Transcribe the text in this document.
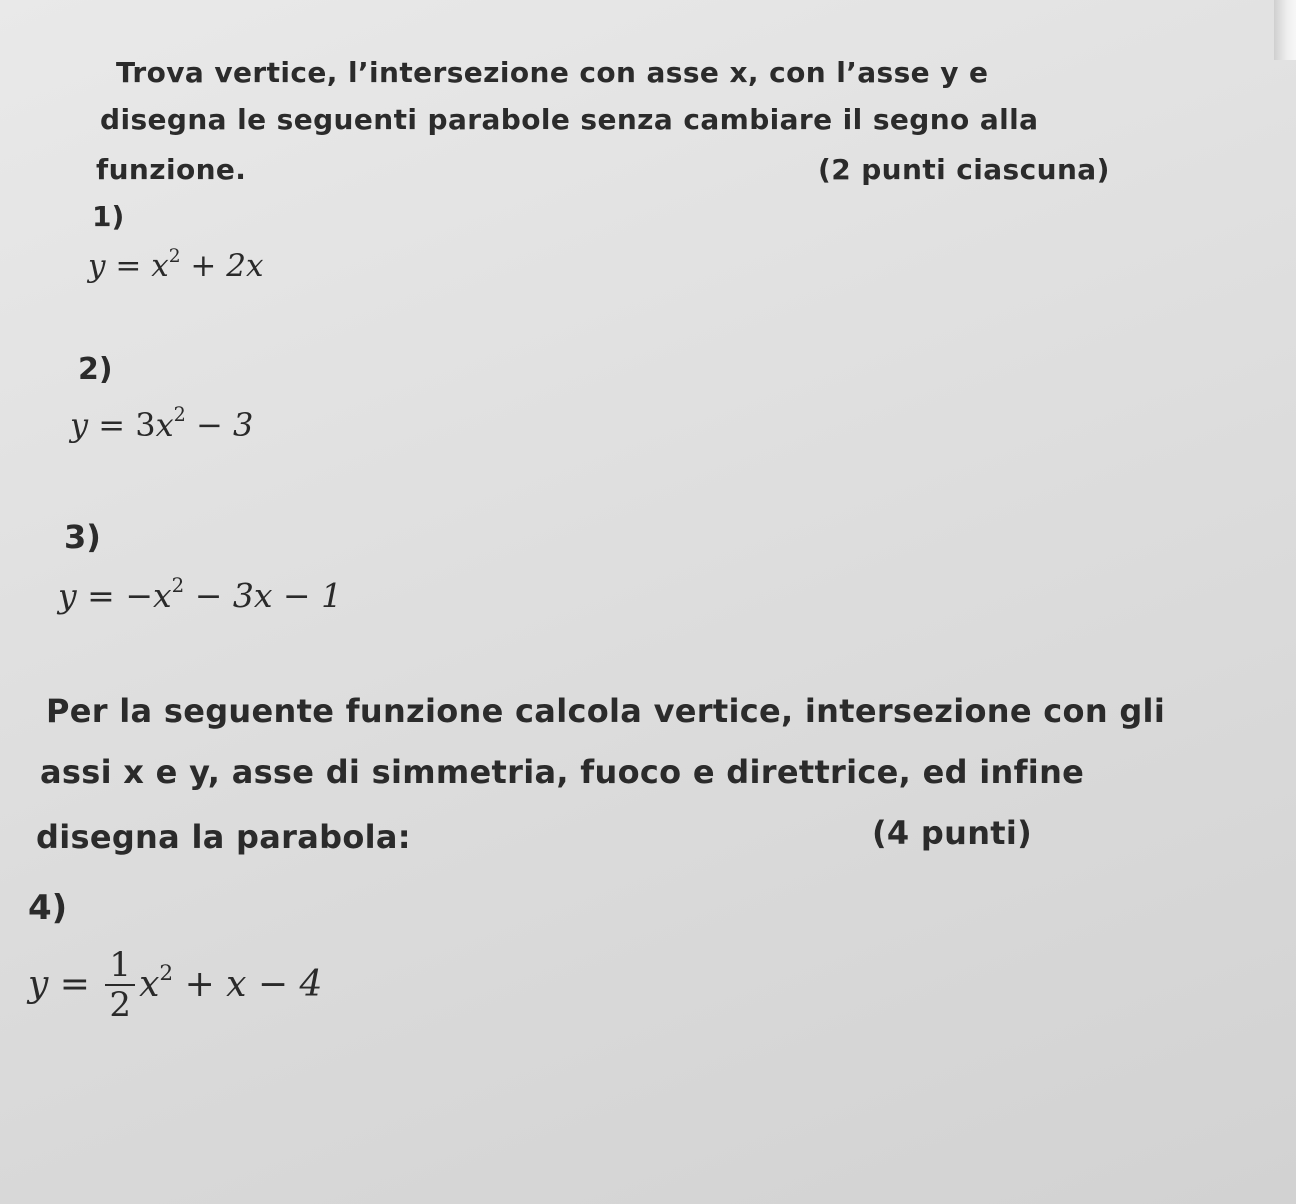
Trova vertice, l’intersezione con asse x, con l’asse y e
disegna le seguenti parabole senza cambiare il segno alla
funzione.	(2 punti ciascuna)
1)
$y = x^2 + 2x$
2)
$y = 3x^2 - 3$
3)
$y = -x^2 - 3x - 1$
Per la seguente funzione calcola vertice, intersezione con gli
assi x e y, asse di simmetria, fuoco e direttrice, ed infine
disegna la parabola:	(4 punti)
4)
$y = \frac{1}{2} x^2 + x - 4$
